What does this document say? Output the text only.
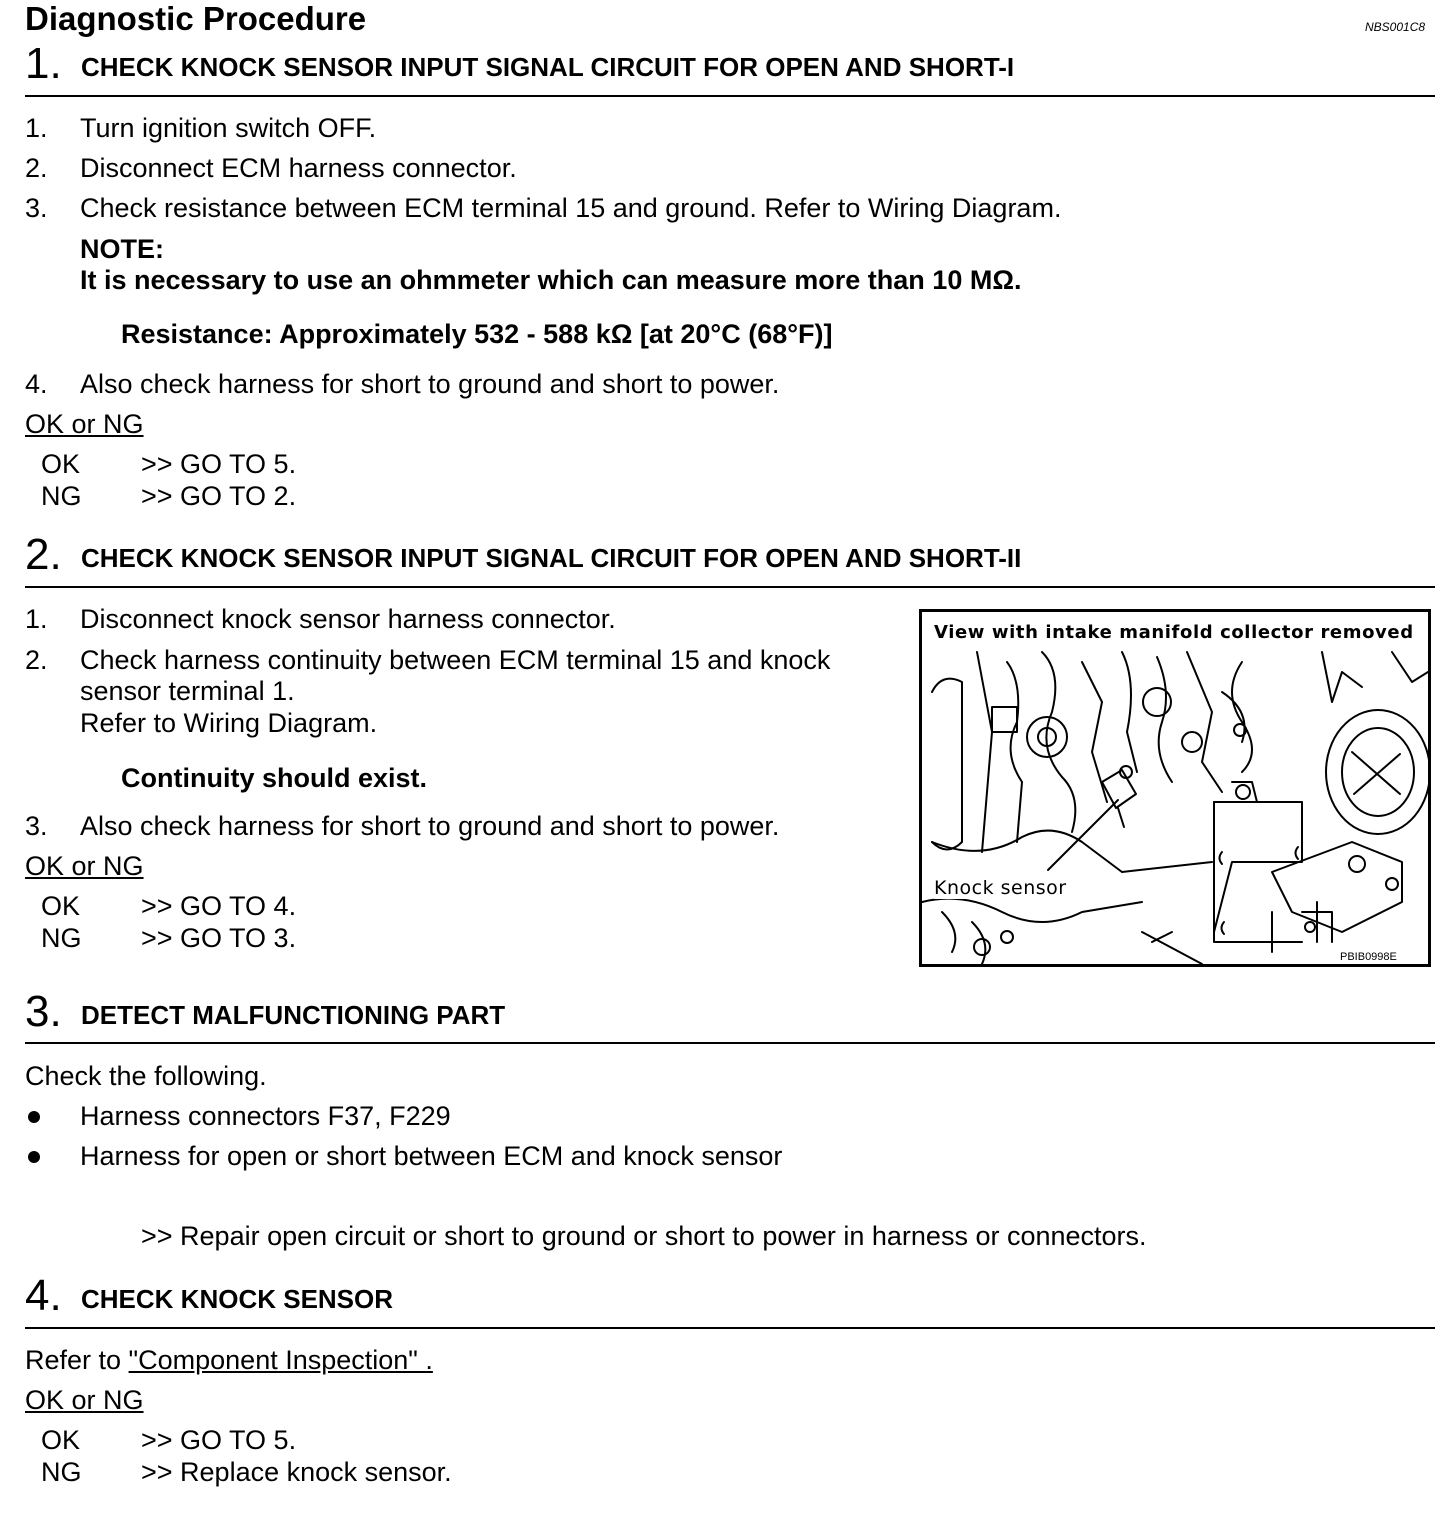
Diagnostic Procedure	NBS001C8
1. CHECK KNOCK SENSOR INPUT SIGNAL CIRCUIT FOR OPEN AND SHORT-I
1. Turn ignition switch OFF.
2. Disconnect ECM harness connector.
3. Check resistance between ECM terminal 15 and ground. Refer to Wiring Diagram.
NOTE:
It is necessary to use an ohmmeter which can measure more than 10 MΩ.
Resistance: Approximately 532 - 588 kΩ [at 20°C (68°F)]
4. Also check harness for short to ground and short to power.
OK or NG
OK >> GO TO 5.
NG >> GO TO 2.
2. CHECK KNOCK SENSOR INPUT SIGNAL CIRCUIT FOR OPEN AND SHORT-II
1. Disconnect knock sensor harness connector.
2. Check harness continuity between ECM terminal 15 and knock
sensor terminal 1.
Refer to Wiring Diagram.
Continuity should exist.
3. Also check harness for short to ground and short to power.
OK or NG
OK >> GO TO 4.
NG >> GO TO 3.
View with intake manifold collector removed
Knock sensor
PBIB0998E
3. DETECT MALFUNCTIONING PART
Check the following.
Harness connectors F37, F229
Harness for open or short between ECM and knock sensor
>> Repair open circuit or short to ground or short to power in harness or connectors.
4. CHECK KNOCK SENSOR
Refer to "Component Inspection" .
OK or NG
OK >> GO TO 5.
NG >> Replace knock sensor.
